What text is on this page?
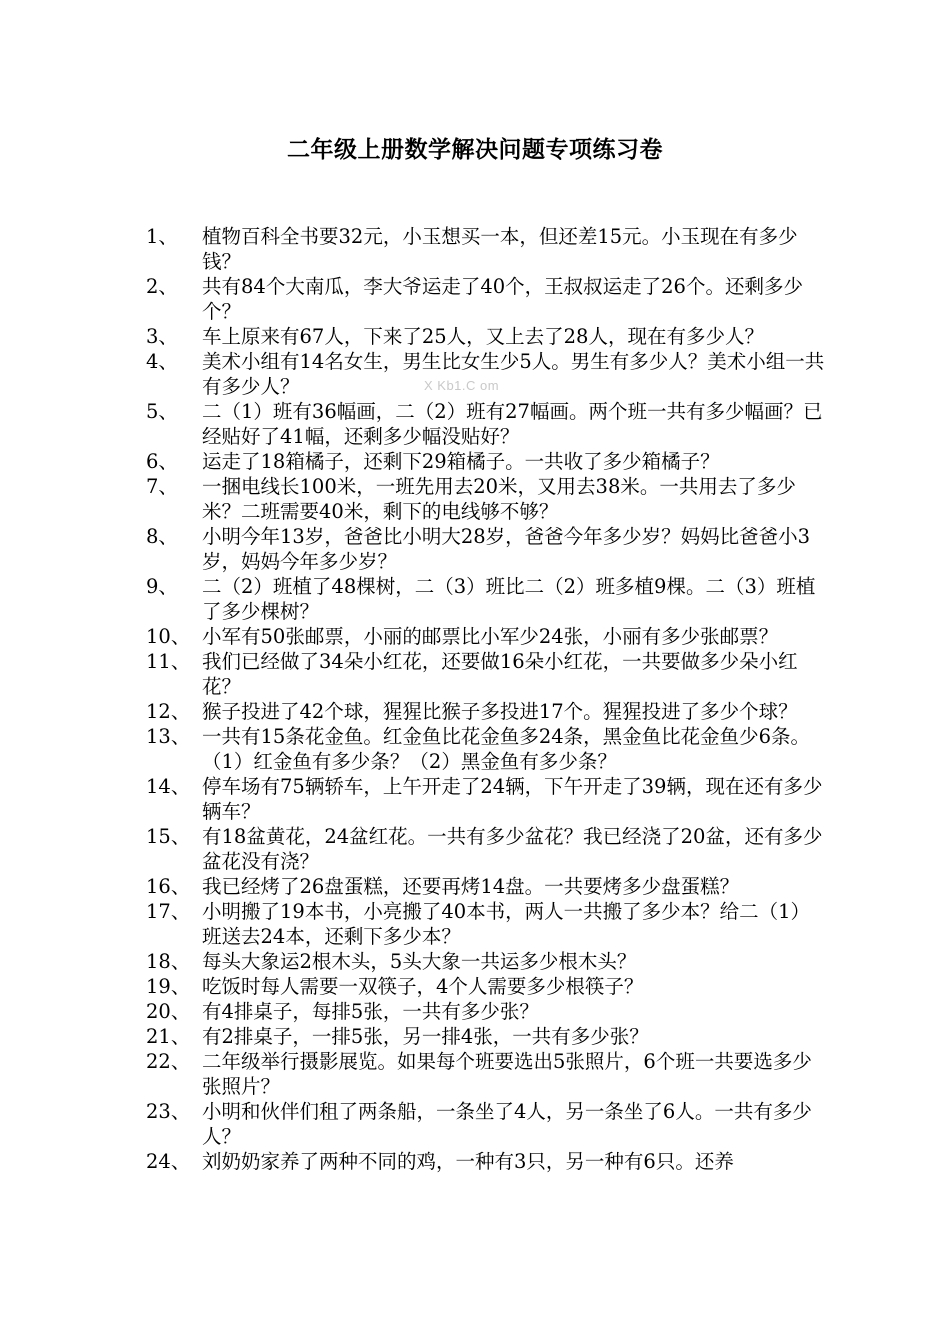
二年级上册数学解决问题专项练习卷
X Kb1.C om
1、	植物百科全书要32元，小玉想买一本，但还差15元。小玉现在有多少钱？
2、	共有84个大南瓜，李大爷运走了40个，王叔叔运走了26个。还剩多少个？
3、	车上原来有67人，下来了25人，又上去了28人，现在有多少人？
4、	美术小组有14名女生，男生比女生少5人。男生有多少人？美术小组一共有多少人？
5、	二（1）班有36幅画，二（2）班有27幅画。两个班一共有多少幅画？已经贴好了41幅，还剩多少幅没贴好？
6、	运走了18箱橘子，还剩下29箱橘子。一共收了多少箱橘子？
7、	一捆电线长100米，一班先用去20米，又用去38米。一共用去了多少米？二班需要40米，剩下的电线够不够？
8、	小明今年13岁，爸爸比小明大28岁，爸爸今年多少岁？妈妈比爸爸小3岁，妈妈今年多少岁？
9、	二（2）班植了48棵树，二（3）班比二（2）班多植9棵。二（3）班植了多少棵树？
10、 小军有50张邮票，小丽的邮票比小军少24张，小丽有多少张邮票？
11、 我们已经做了34朵小红花，还要做16朵小红花，一共要做多少朵小红花？
12、 猴子投进了42个球，猩猩比猴子多投进17个。猩猩投进了多少个球？
13、 一共有15条花金鱼。红金鱼比花金鱼多24条，黑金鱼比花金鱼少6条。（1）红金鱼有多少条？（2）黑金鱼有多少条？
14、 停车场有75辆轿车，上午开走了24辆，下午开走了39辆，现在还有多少辆车？
15、 有18盆黄花，24盆红花。一共有多少盆花？我已经浇了20盆，还有多少盆花没有浇？
16、 我已经烤了26盘蛋糕，还要再烤14盘。一共要烤多少盘蛋糕？
17、 小明搬了19本书，小亮搬了40本书，两人一共搬了多少本？给二（1）班送去24本，还剩下多少本？
18、 每头大象运2根木头，5头大象一共运多少根木头？
19、 吃饭时每人需要一双筷子，4个人需要多少根筷子？
20、 有4排桌子，每排5张，一共有多少张？
21、 有2排桌子，一排5张，另一排4张，一共有多少张？
22、 二年级举行摄影展览。如果每个班要选出5张照片，6个班一共要选多少张照片？
23、 小明和伙伴们租了两条船，一条坐了4人，另一条坐了6人。一共有多少人？
24、 刘奶奶家养了两种不同的鸡，一种有3只，另一种有6只。还养
